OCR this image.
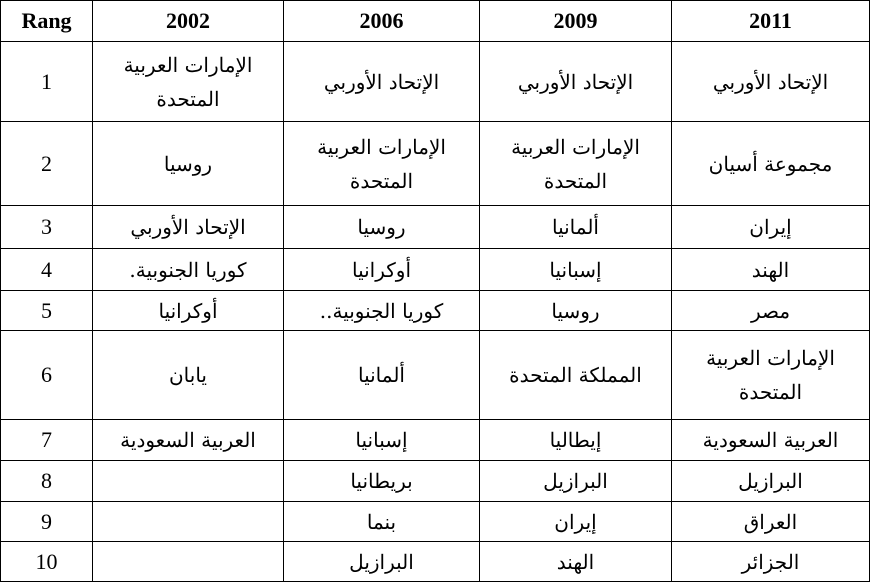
Rang	2002	2006	2009	2011
1	الإمارات العربية المتحدة	الإتحاد الأوربي	الإتحاد الأوربي	الإتحاد الأوربي
2	روسيا	الإمارات العربية المتحدة	الإمارات العربية المتحدة	مجموعة أسيان
3	الإتحاد الأوربي	روسيا	ألمانيا	إيران
4	كوريا الجنوبية.	أوكرانيا	إسبانيا	الهند
5	أوكرانيا	كوريا الجنوبية..	روسيا	مصر
6	يابان	ألمانيا	المملكة المتحدة	الإمارات العربية المتحدة
7	العربية السعودية	إسبانيا	إيطاليا	العربية السعودية
8		بريطانيا	البرازيل	البرازيل
9		بنما	إيران	العراق
10		البرازيل	الهند	الجزائر
